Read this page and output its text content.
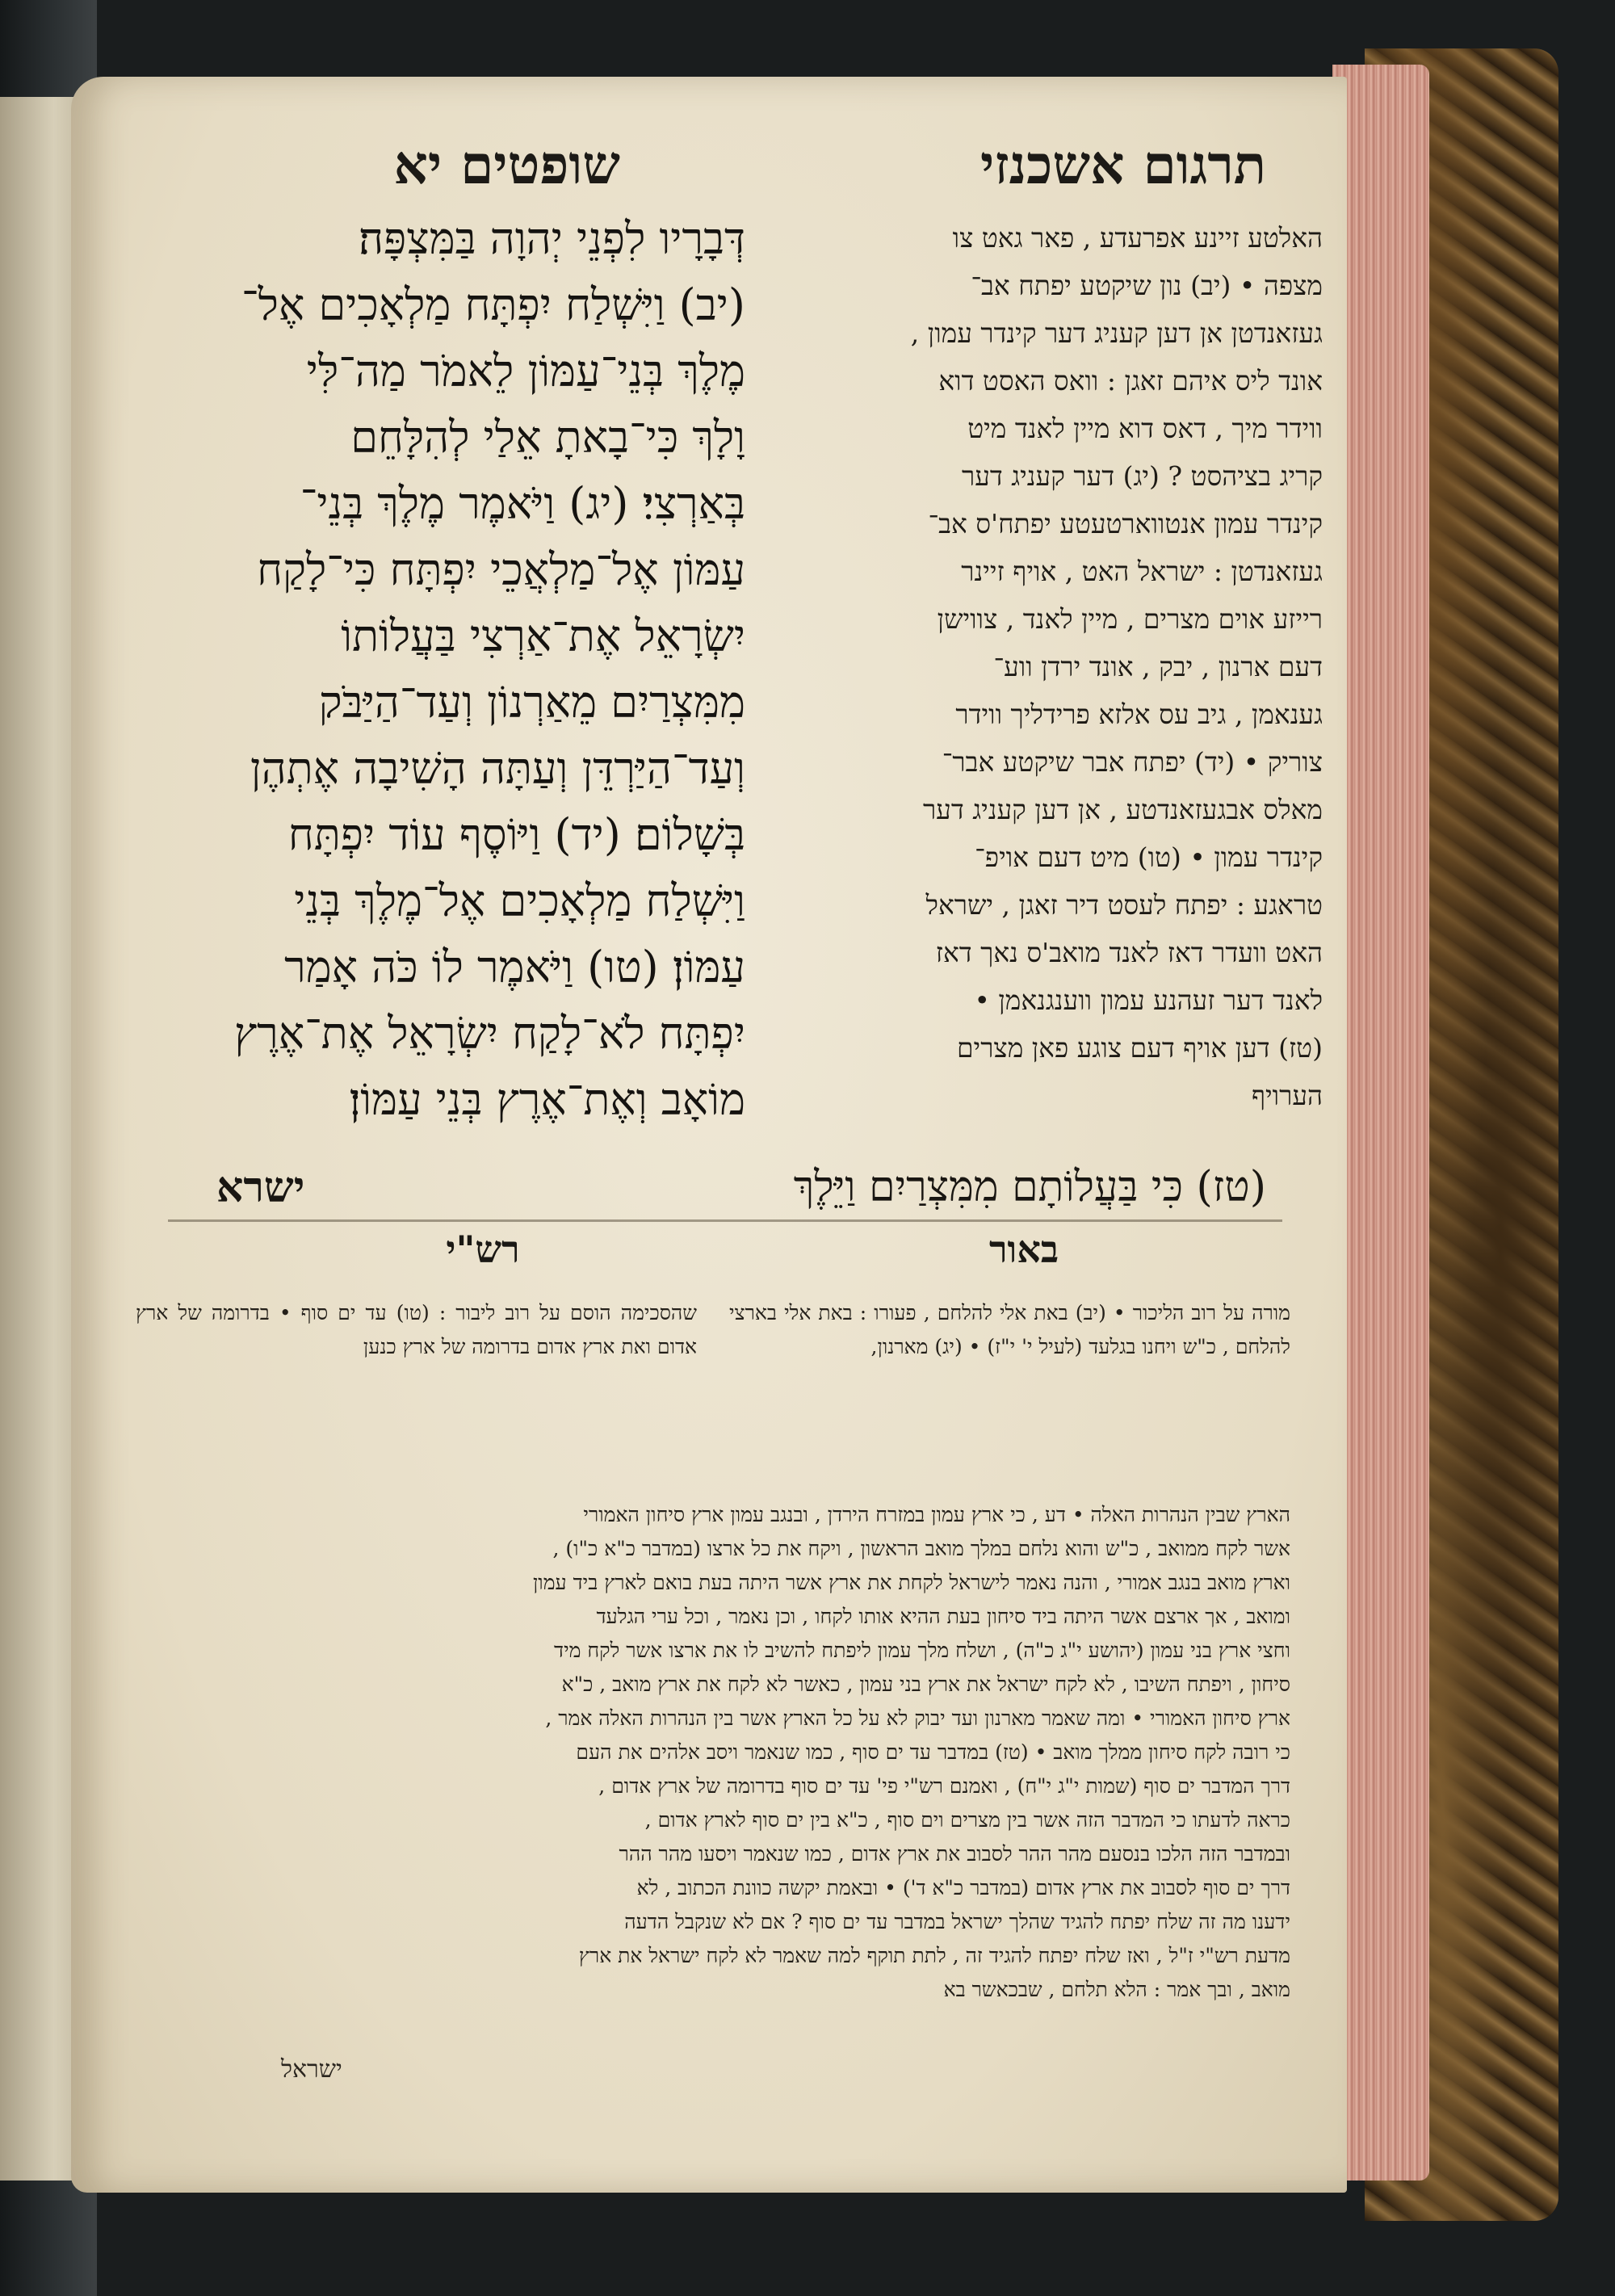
תרגום אשכנזי
שופטים יא

דְּבָרָיו לִפְנֵי יְהוָה בַּמִּצְפָּה׃

(יב) וַיִּשְׁלַח יִפְתָּח מַלְאָכִים אֶל־

מֶלֶךְ בְּנֵי־עַמּוֹן לֵאמֹר מַה־לִּי

וָלָךְ כִּי־בָאתָ אֵלַי לְהִלָּחֵם

בְּאַרְצִי׃ (יג) וַיֹּאמֶר מֶלֶךְ בְּנֵי־

עַמּוֹן אֶל־מַלְאֲכֵי יִפְתָּח כִּי־לָקַח

יִשְׂרָאֵל אֶת־אַרְצִי בַּעֲלוֹתוֹ

מִמִּצְרַיִם מֵאַרְנוֹן וְעַד־הַיַּבֹּק

וְעַד־הַיַּרְדֵּן וְעַתָּה הָשִׁיבָה אֶתְהֶן

בְּשָׁלוֹם׃ (יד) וַיּוֹסֶף עוֹד יִפְתָּח

וַיִּשְׁלַח מַלְאָכִים אֶל־מֶלֶךְ בְּנֵי

עַמּוֹן׃ (טו) וַיֹּאמֶר לוֹ כֹּה אָמַר

יִפְתָּח לֹא־לָקַח יִשְׂרָאֵל אֶת־אֶרֶץ

מוֹאָב וְאֶת־אֶרֶץ בְּנֵי עַמּוֹן׃

האלטע זיינע אפרעדע , פאר גאט צו

מצפה • (יב) נון שיקטע יפתח אב־

געזאנדטן אן דען קעניג דער קינדר עמון ,

אונד ליס איהם זאגן : וואס האסט דוא

ווידר מיך , דאס דוא מיין לאנד מיט

קריג בציהסט ? (יג) דער קעניג דער

קינדר עמון אנטווארטעטע יפתח'ס אב־

געזאנדטן : ישראל האט , אויף זיינר

רייזע אוים מצרים , מיין לאנד , צווישן

דעם ארנון , יבק , אונד ירדן ווע־

גענאמן , גיב עס אלזא פרידליך ווידר

צוריק • (יד) יפתח אבר שיקטע אבר־

מאלס אבגעזאנדטע , אן דען קעניג דער

קינדר עמון • (טו) מיט דעם אויפ־

טראגע : יפתח לעסט דיר זאגן , ישראל

האט וועדר דאז לאנד מואב'ס נאך דאז

לאנד דער זעהנע עמון ווענגנאמן •

(טז) דען אויף דעם צוגע פאן מצרים

הערויף

(טז) כִּי בַּעֲלוֹתָם מִמִּצְרַיִם וַיֵּלֶךְ
ישרא
באור
רש"י

מורה על רוב הליכור • (יב) באת אלי להלחם , פעורו : באת אלי בארצי להלחם , כ"ש ויחנו בגלעד (לעיל י' י"ז) • (יג) מארנון,

שהסכימה הוסם על רוב ליבור : (טו) עד ים סוף • בדרומה של ארץ אדום ואת ארץ אדום בדרומה של ארץ כנען

הארץ שבין הנהרות האלה • דע , כי ארץ עמון במזרח הירדן , ובנגב עמון ארץ סיחון האמורי

אשר לקח ממואב , כ"ש והוא נלחם במלך מואב הראשון , ויקח את כל ארצו (במדבר כ"א כ"ו) ,

וארץ מואב בנגב אמורי , והנה נאמר לישראל לקחת את ארץ אשר היתה בעת בואם לארץ ביד עמון

ומואב , אך ארצם אשר היתה ביד סיחון בעת ההיא אותו לקחו , וכן נאמר , וכל ערי הגלעד

וחצי ארץ בני עמון (יהושע י"ג כ"ה) , ושלח מלך עמון ליפתח להשיב לו את ארצו אשר לקח מיד

סיחון , ויפתח השיבו , לא לקח ישראל את ארץ בני עמון , כאשר לא לקח את ארץ מואב , כ"א

ארץ סיחון האמורי • ומה שאמר מארנון ועד יבוק לא על כל הארץ אשר בין הנהרות האלה אמר ,

כי רובה לקח סיחון ממלך מואב • (טז) במדבר עד ים סוף , כמו שנאמר ויסב אלהים את העם

דרך המדבר ים סוף (שמות י"ג י"ח) , ואמנם רש"י פי' עד ים סוף בדרומה של ארץ אדום ,

כראה לדעתו כי המדבר הזה אשר בין מצרים וים סוף , כ"א בין ים סוף לארץ אדום ,

ובמדבר הזה הלכו בנסעם מהר ההר לסבוב את ארץ אדום , כמו שנאמר ויסעו מהר ההר

דרך ים סוף לסבוב את ארץ אדום (במדבר כ"א ד') • ובאמת יקשה כוונת הכתוב , לא

ידענו מה זה שלח יפתח להגיד שהלך ישראל במדבר עד ים סוף ? אם לא שנקבל הדעה

מדעת רש"י ז"ל , ואז שלח יפתח להגיד זה , לתת תוקף למה שאמר לא לקח ישראל את ארץ

מואב , ובך אמר : הלא תלחם , שבכאשר בא

ישראל
